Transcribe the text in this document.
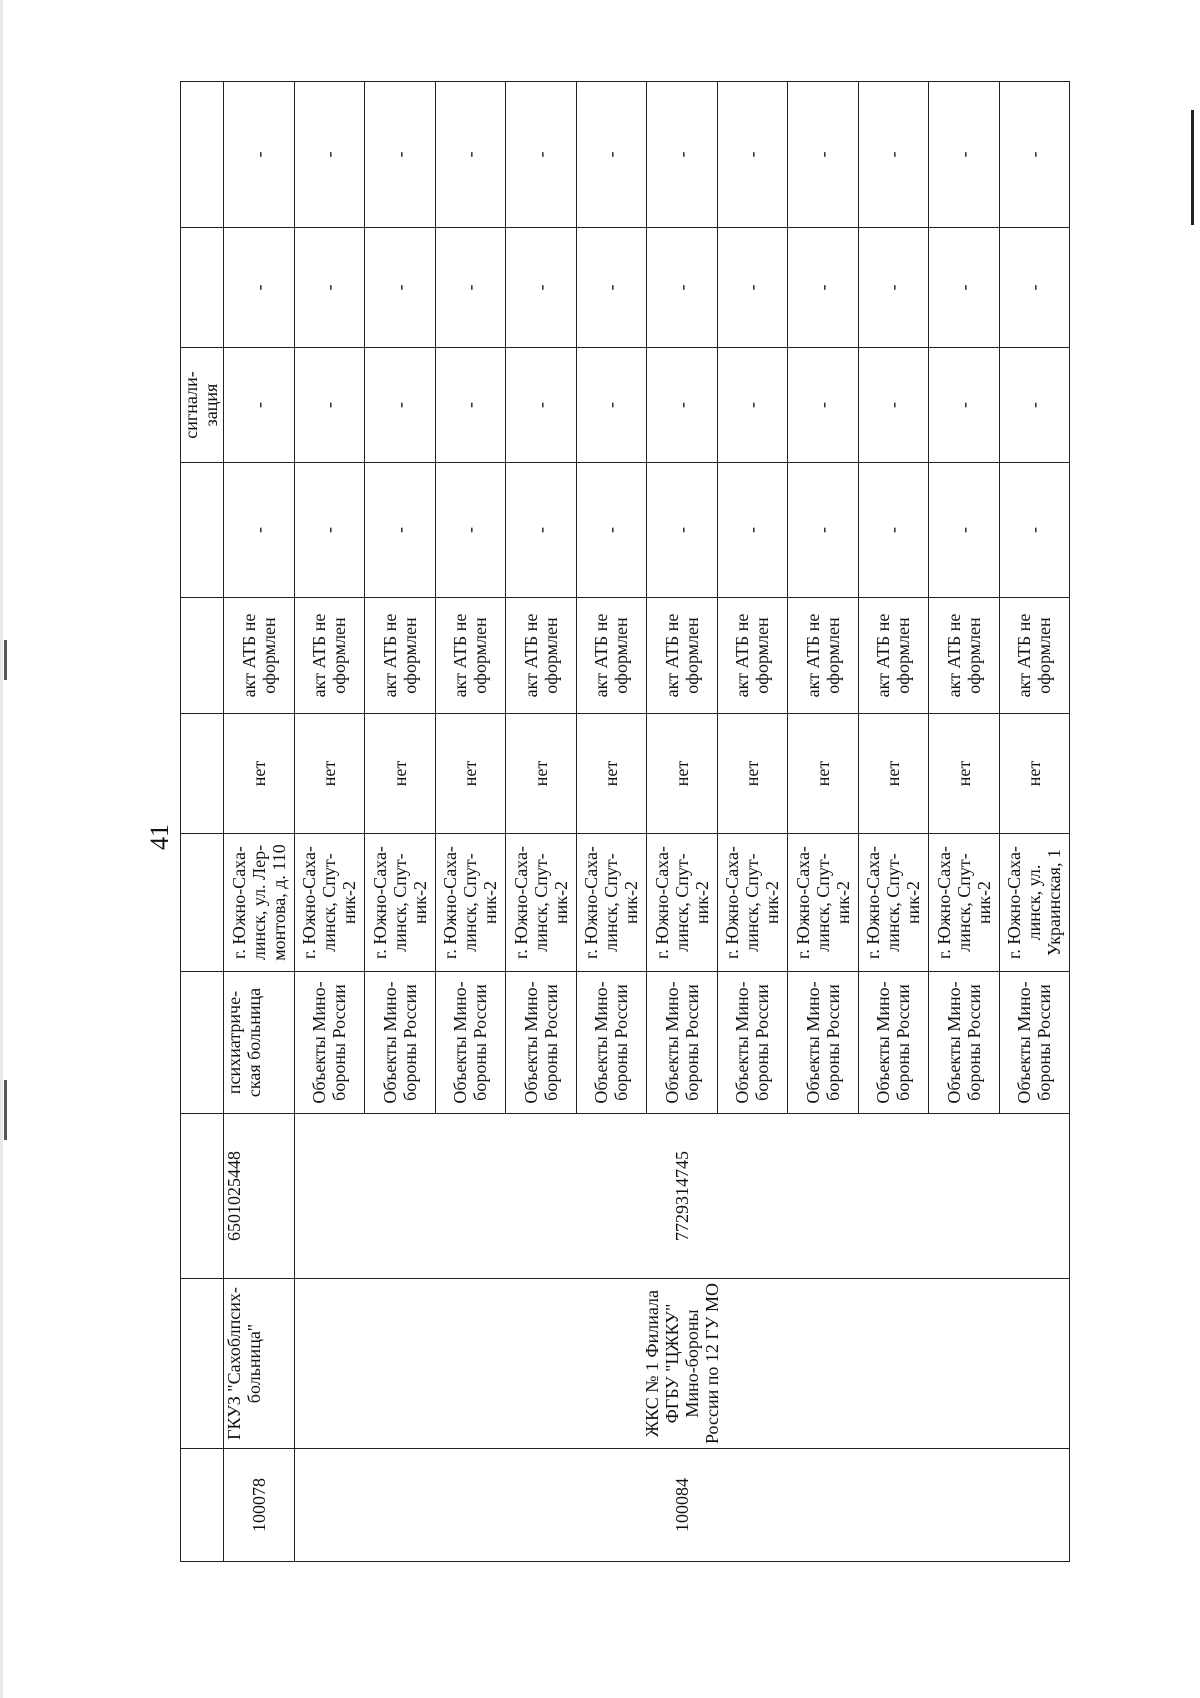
41
								сигнали-
зация		
100078	ГКУЗ "Сахоблпсих-больница"	6501025448	психиатриче-ская больница	г. Южно-Саха-линск, ул. Лер-монтова, д. 110	нет	акт АТБ не оформлен	-	-	-	-
100084	ЖКС № 1 Филиала ФГБУ "ЦЖКУ" Мино-бороны России по 12 ГУ МО	7729314745	Объекты Мино-бороны России	г. Южно-Саха-линск, Спут-ник-2	нет	акт АТБ не оформлен	-	-	-	-
			Объекты Мино-бороны России	г. Южно-Саха-линск, Спут-ник-2	нет	акт АТБ не оформлен	-	-	-	-
			Объекты Мино-бороны России	г. Южно-Саха-линск, Спут-ник-2	нет	акт АТБ не оформлен	-	-	-	-
			Объекты Мино-бороны России	г. Южно-Саха-линск, Спут-ник-2	нет	акт АТБ не оформлен	-	-	-	-
			Объекты Мино-бороны России	г. Южно-Саха-линск, Спут-ник-2	нет	акт АТБ не оформлен	-	-	-	-
			Объекты Мино-бороны России	г. Южно-Саха-линск, Спут-ник-2	нет	акт АТБ не оформлен	-	-	-	-
			Объекты Мино-бороны России	г. Южно-Саха-линск, Спут-ник-2	нет	акт АТБ не оформлен	-	-	-	-
			Объекты Мино-бороны России	г. Южно-Саха-линск, Спут-ник-2	нет	акт АТБ не оформлен	-	-	-	-
			Объекты Мино-бороны России	г. Южно-Саха-линск, Спут-ник-2	нет	акт АТБ не оформлен	-	-	-	-
			Объекты Мино-бороны России	г. Южно-Саха-линск, Спут-ник-2	нет	акт АТБ не оформлен	-	-	-	-
			Объекты Мино-бороны России	г. Южно-Саха-линск, ул. Украинская, 1	нет	акт АТБ не оформлен	-	-	-	-
